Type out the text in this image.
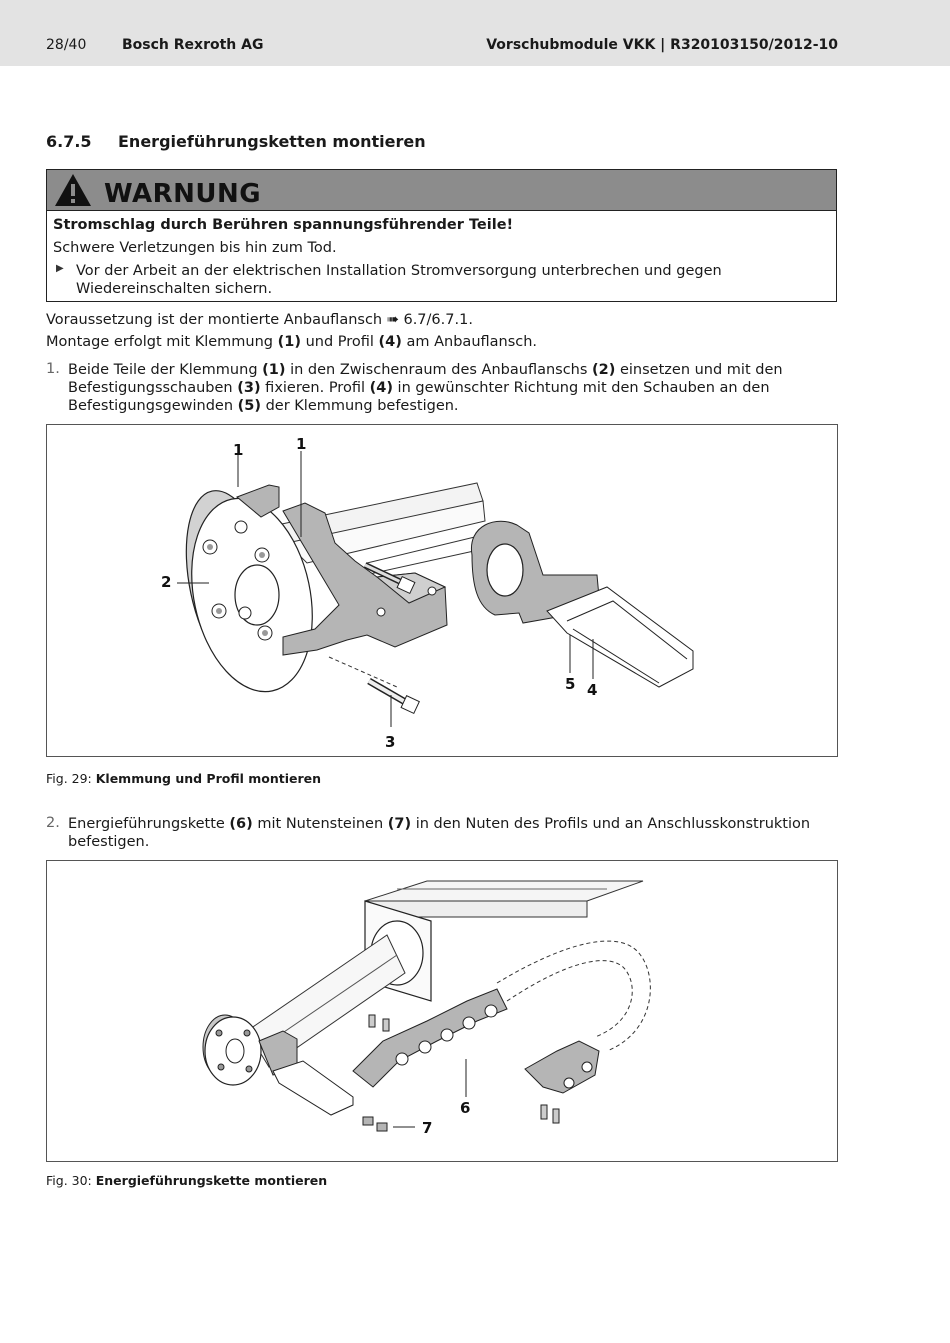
28/40	Bosch Rexroth AG	Vorschubmodule VKK | R320103150/2012-10
6.7.5 Energieführungsketten montieren
WARNUNG
Stromschlag durch Berühren spannungsführender Teile!
Schwere Verletzungen bis hin zum Tod.
▶ Vor der Arbeit an der elektrischen Installation Stromversorgung unterbrechen und gegen Wiedereinschalten sichern.
Voraussetzung ist der montierte Anbauflansch ➠ 6.7/6.7.1.
Montage erfolgt mit Klemmung (1) und Profil (4) am Anbauflansch.
1. Beide Teile der Klemmung (1) in den Zwischenraum des Anbauflanschs (2) einsetzen und mit den Befestigungsschauben (3) fixieren. Profil (4) in gewünschter Richtung mit den Schauben an den Befestigungsgewinden (5) der Klemmung befestigen.
1	1
2
3
4
5
Fig. 29: Klemmung und Profil montieren
2. Energieführungskette (6) mit Nutensteinen (7) in den Nuten des Profils und an Anschlusskonstruktion befestigen.
6
7
Fig. 30: Energieführungskette montieren
